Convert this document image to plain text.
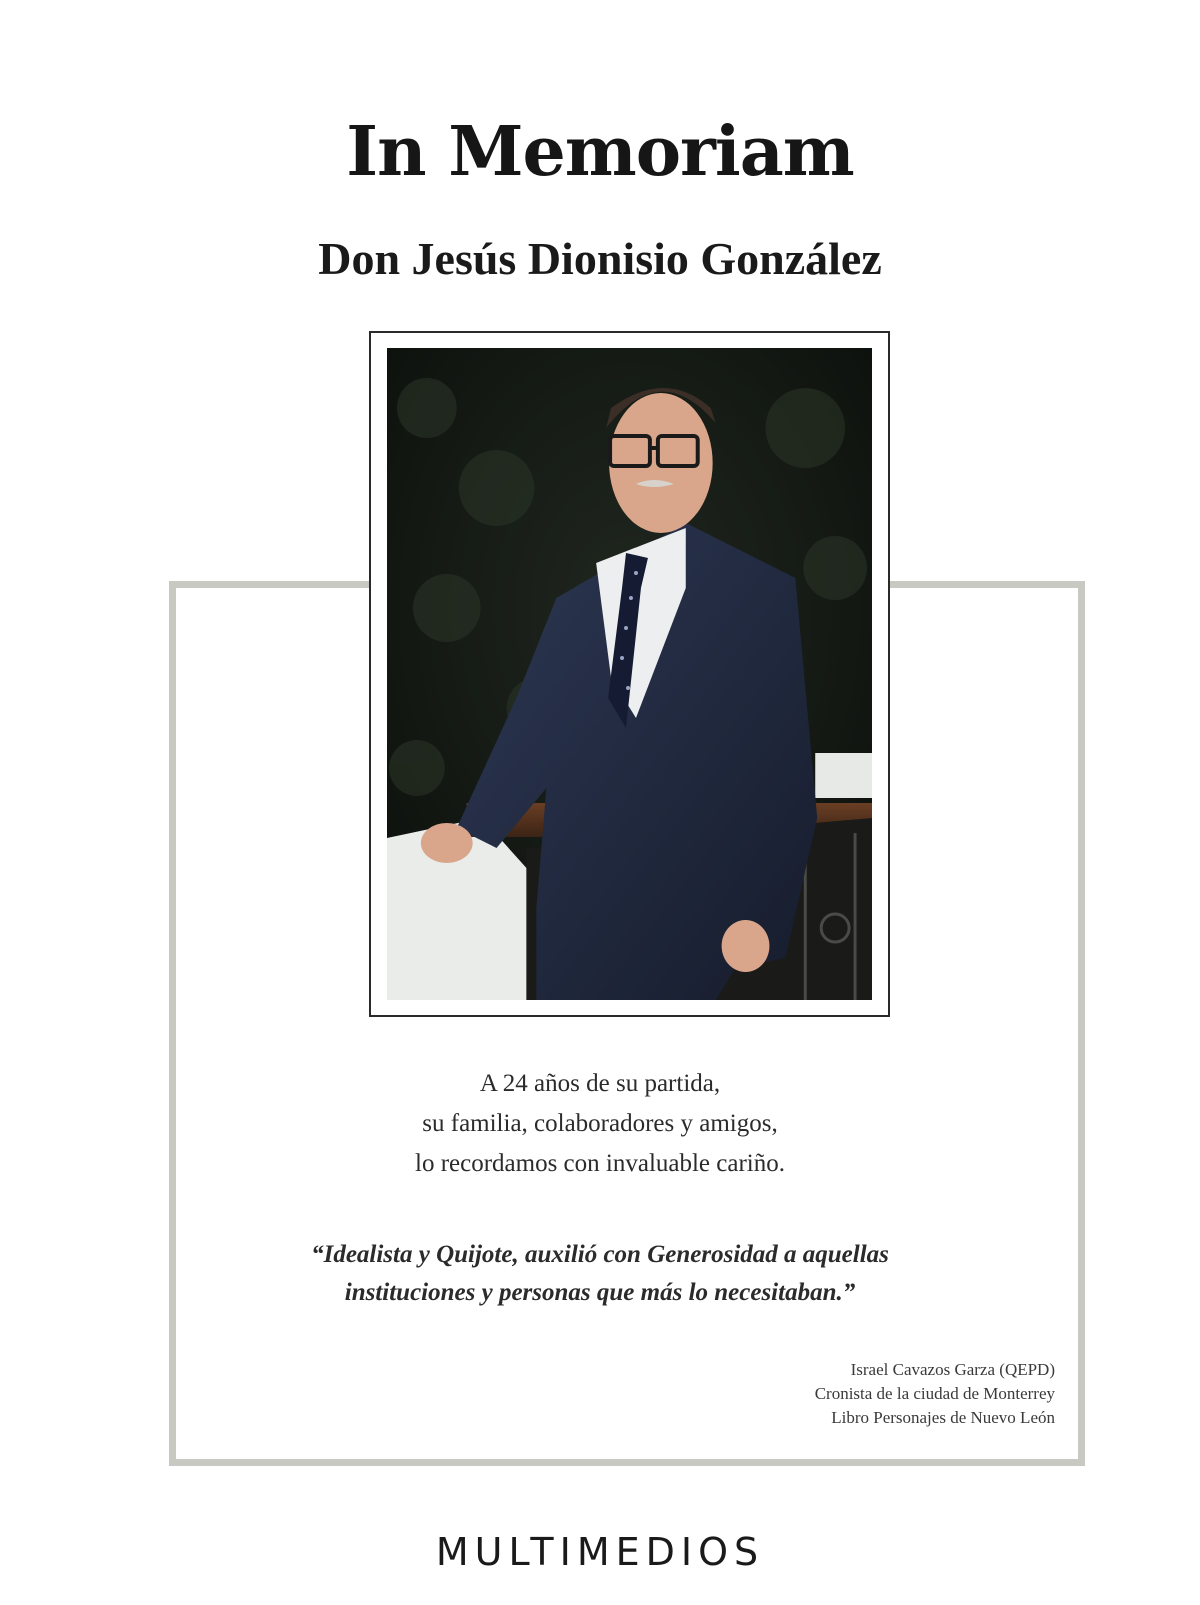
In Memoriam
Don Jesús Dionisio González
A 24 años de su partida,
su familia, colaboradores y amigos,
lo recordamos con invaluable cariño.
“Idealista y Quijote, auxilió con Generosidad a aquellas
instituciones y personas que más lo necesitaban.”
Israel Cavazos Garza (QEPD)
Cronista de la ciudad de Monterrey
Libro Personajes de Nuevo León
MULTIMEDIOS
